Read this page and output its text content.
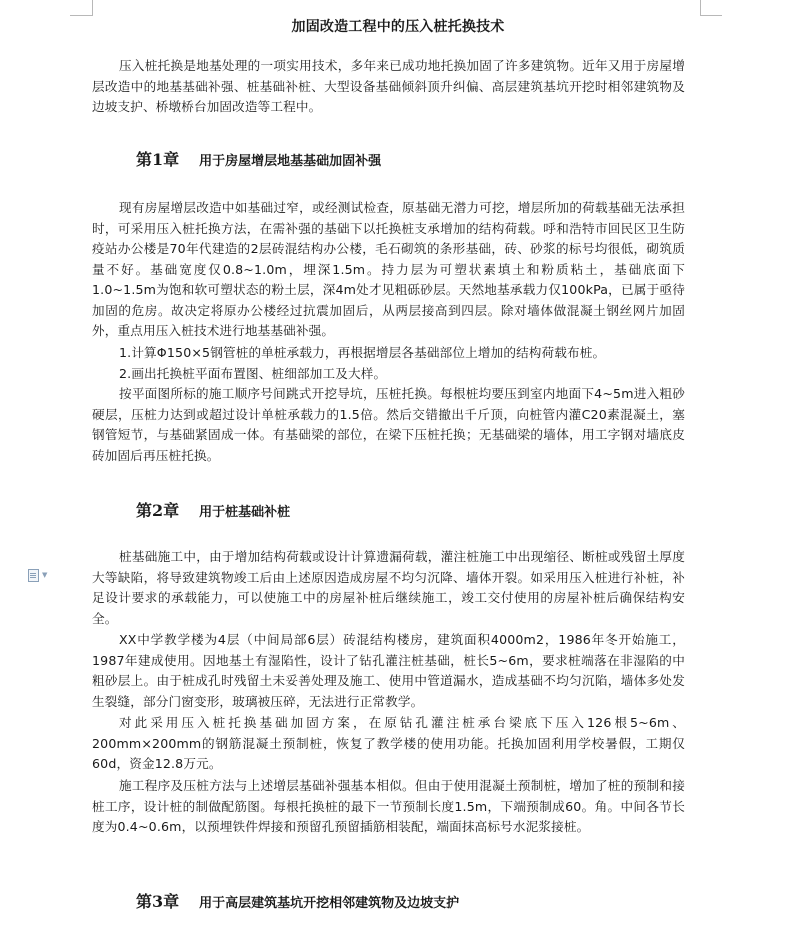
▼
加固改造工程中的压入桩托换技术

压入桩托换是地基处理的一项实用技术，多年来已成功地托换加固了许多建筑物。近年又用于房屋增层改造中的地基基础补强、桩基础补桩、大型设备基础倾斜顶升纠偏、高层建筑基坑开挖时相邻建筑物及边坡支护、桥墩桥台加固改造等工程中。

第1章 用于房屋增层地基基础加固补强

现有房屋增层改造中如基础过窄，或经测试检查，原基础无潜力可挖，增层所加的荷载基础无法承担时，可采用压入桩托换方法，在需补强的基础下以托换桩支承增加的结构荷载。呼和浩特市回民区卫生防疫站办公楼是70年代建造的2层砖混结构办公楼，毛石砌筑的条形基础，砖、砂浆的标号均很低，砌筑质量不好。基础宽度仅0.8~1.0m，埋深1.5m。持力层为可塑状素填土和粉质粘土，基础底面下1.0~1.5m为饱和软可塑状态的粉土层，深4m处才见粗砾砂层。天然地基承载力仅100kPa，已属于亟待加固的危房。故决定将原办公楼经过抗震加固后，从两层接高到四层。除对墙体做混凝土钢丝网片加固外，重点用压入桩技术进行地基基础补强。

1.计算Φ150×5钢管桩的单桩承载力，再根据增层各基础部位上增加的结构荷载布桩。

2.画出托换桩平面布置图、桩细部加工及大样。

按平面图所标的施工顺序号间跳式开挖导坑，压桩托换。每根桩均要压到室内地面下4~5m进入粗砂硬层，压桩力达到或超过设计单桩承载力的1.5倍。然后交错撤出千斤顶，向桩管内灌C20素混凝土，塞钢管短节，与基础紧固成一体。有基础梁的部位，在梁下压桩托换；无基础梁的墙体，用工字钢对墙底皮砖加固后再压桩托换。

第2章 用于桩基础补桩

桩基础施工中，由于增加结构荷载或设计计算遗漏荷载，灌注桩施工中出现缩径、断桩或残留土厚度大等缺陷，将导致建筑物竣工后由上述原因造成房屋不均匀沉降、墙体开裂。如采用压入桩进行补桩，补足设计要求的承载能力，可以使施工中的房屋补桩后继续施工，竣工交付使用的房屋补桩后确保结构安全。

XX中学教学楼为4层（中间局部6层）砖混结构楼房，建筑面积4000m2，1986年冬开始施工，1987年建成使用。因地基土有湿陷性，设计了钻孔灌注桩基础，桩长5~6m，要求桩端落在非湿陷的中粗砂层上。由于桩成孔时残留土未妥善处理及施工、使用中管道漏水，造成基础不均匀沉陷，墙体多处发生裂缝，部分门窗变形，玻璃被压碎，无法进行正常教学。

对此采用压入桩托换基础加固方案，在原钻孔灌注桩承台梁底下压入126根5~6m、200mm×200mm的钢筋混凝土预制桩，恢复了教学楼的使用功能。托换加固利用学校暑假，工期仅60d，资金12.8万元。

施工程序及压桩方法与上述增层基础补强基本相似。但由于使用混凝土预制桩，增加了桩的预制和接桩工序，设计桩的制做配筋图。每根托换桩的最下一节预制长度1.5m，下端预制成60。角。中间各节长度为0.4~0.6m，以预埋铁件焊接和预留孔预留插筋相装配，端面抹高标号水泥浆接桩。

第3章 用于高层建筑基坑开挖相邻建筑物及边坡支护
